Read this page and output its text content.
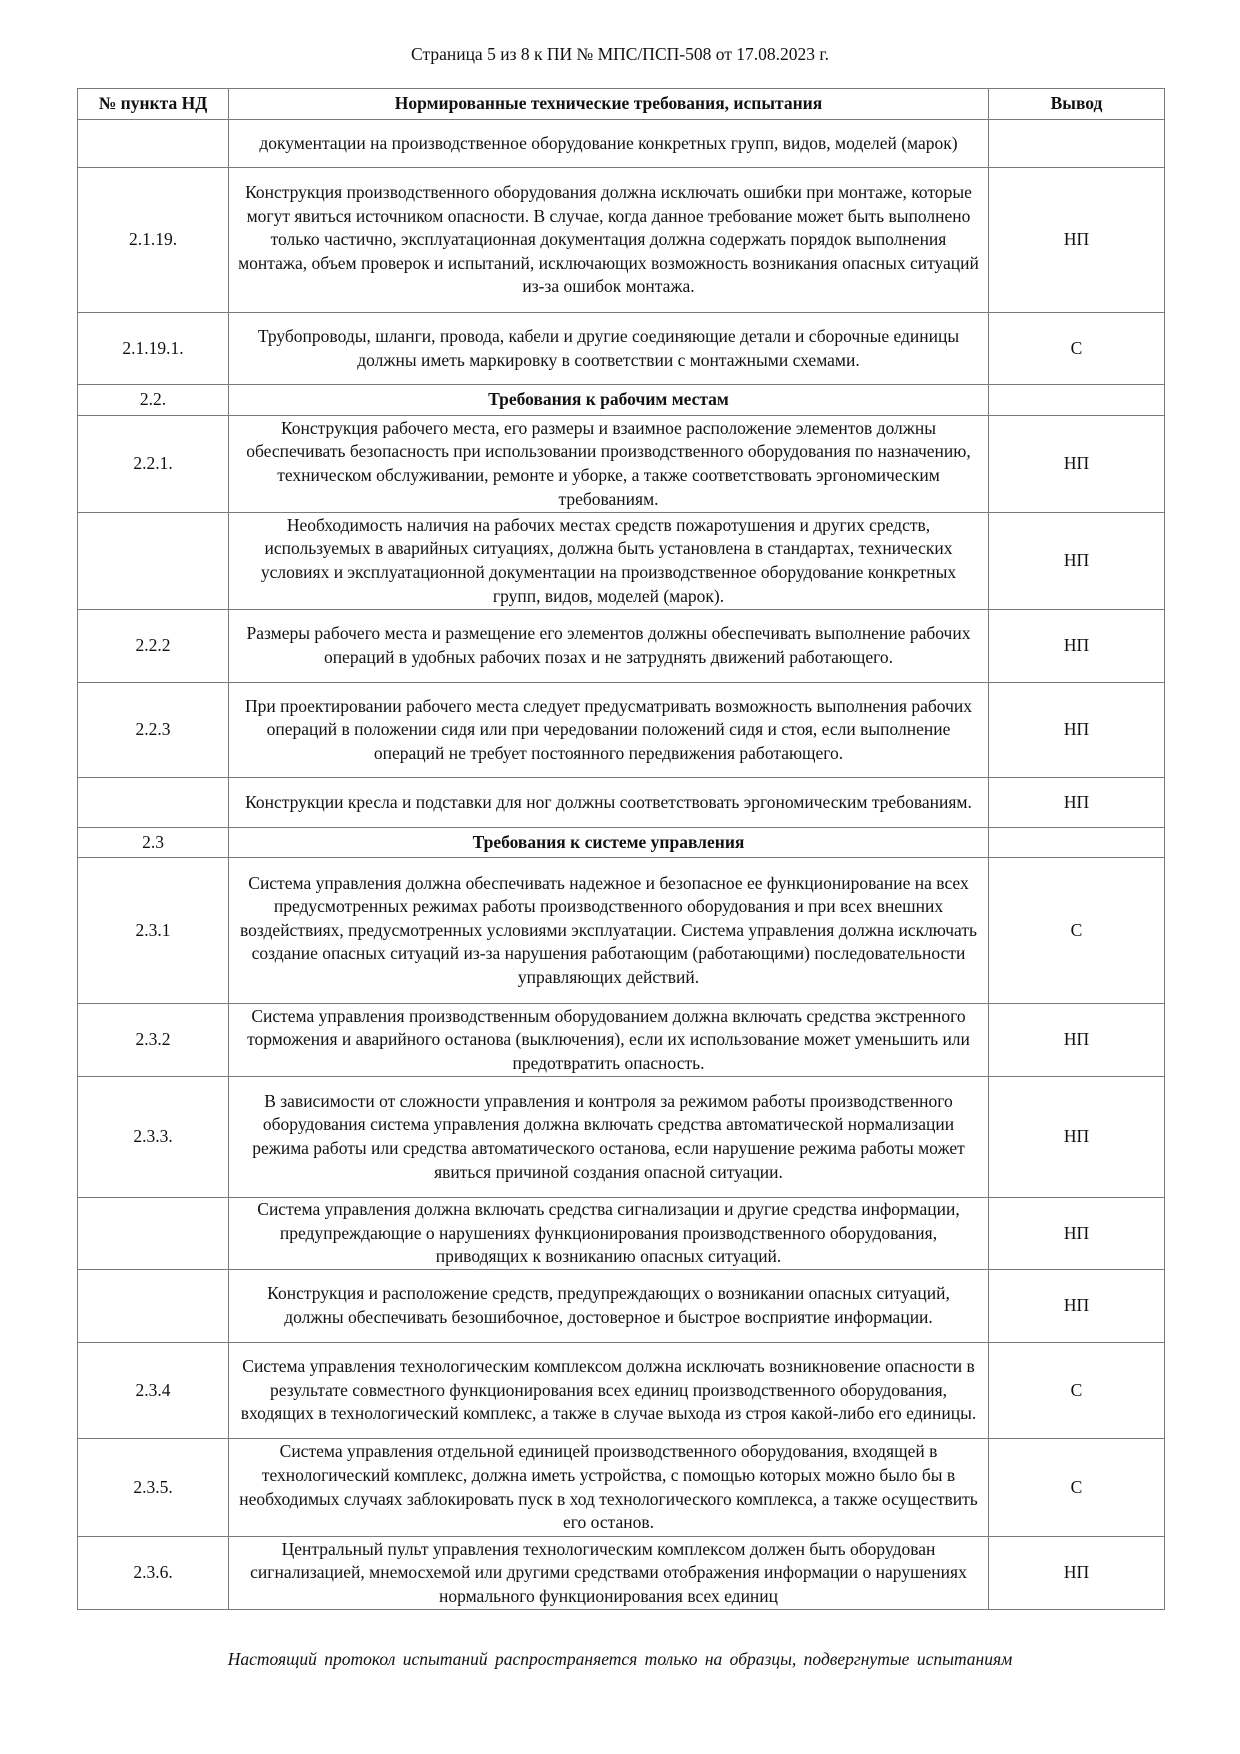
Страница 5 из 8 к ПИ № МПС/ПСП-508 от 17.08.2023 г.
№ пункта НД	Нормированные технические требования, испытания	Вывод
	документации на производственное оборудование конкретных групп, видов, моделей (марок)	
2.1.19.	Конструкция производственного оборудования должна исключать ошибки при монтаже, которые могут явиться источником опасности. В случае, когда данное требование может быть выполнено только частично, эксплуатационная документация должна содержать порядок выполнения монтажа, объем проверок и испытаний, исключающих возможность возникания опасных ситуаций из-за ошибок монтажа.	НП
2.1.19.1.	Трубопроводы, шланги, провода, кабели и другие соединяющие детали и сборочные единицы должны иметь маркировку в соответствии с монтажными схемами.	С
2.2.	Требования к рабочим местам	
2.2.1.	Конструкция рабочего места, его размеры и взаимное расположение элементов должны обеспечивать безопасность при использовании производственного оборудования по назначению, техническом обслуживании, ремонте и уборке, а также соответствовать эргономическим требованиям.	НП
	Необходимость наличия на рабочих местах средств пожаротушения и других средств, используемых в аварийных ситуациях, должна быть установлена в стандартах, технических условиях и эксплуатационной документации на производственное оборудование конкретных групп, видов, моделей (марок).	НП
2.2.2	Размеры рабочего места и размещение его элементов должны обеспечивать выполнение рабочих операций в удобных рабочих позах и не затруднять движений работающего.	НП
2.2.3	При проектировании рабочего места следует предусматривать возможность выполнения рабочих операций в положении сидя или при чередовании положений сидя и стоя, если выполнение операций не требует постоянного передвижения работающего.	НП
	Конструкции кресла и подставки для ног должны соответствовать эргономическим требованиям.	НП
2.3	Требования к системе управления	
2.3.1	Система управления должна обеспечивать надежное и безопасное ее функционирование на всех предусмотренных режимах работы производственного оборудования и при всех внешних воздействиях, предусмотренных условиями эксплуатации. Система управления должна исключать создание опасных ситуаций из-за нарушения работающим (работающими) последовательности управляющих действий.	С
2.3.2	Система управления производственным оборудованием должна включать средства экстренного торможения и аварийного останова (выключения), если их использование может уменьшить или предотвратить опасность.	НП
2.3.3.	В зависимости от сложности управления и контроля за режимом работы производственного оборудования система управления должна включать средства автоматической нормализации режима работы или средства автоматического останова, если нарушение режима работы может явиться причиной создания опасной ситуации.	НП
	Система управления должна включать средства сигнализации и другие средства информации, предупреждающие о нарушениях функционирования производственного оборудования, приводящих к возниканию опасных ситуаций.	НП
	Конструкция и расположение средств, предупреждающих о возникании опасных ситуаций, должны обеспечивать безошибочное, достоверное и быстрое восприятие информации.	НП
2.3.4	Система управления технологическим комплексом должна исключать возникновение опасности в результате совместного функционирования всех единиц производственного оборудования, входящих в технологический комплекс, а также в случае выхода из строя какой-либо его единицы.	С
2.3.5.	Система управления отдельной единицей производственного оборудования, входящей в технологический комплекс, должна иметь устройства, с помощью которых можно было бы в необходимых случаях заблокировать пуск в ход технологического комплекса, а также осуществить его останов.	С
2.3.6.	Центральный пульт управления технологическим комплексом должен быть оборудован сигнализацией, мнемосхемой или другими средствами отображения информации о нарушениях нормального функционирования всех единиц	НП
Настоящий протокол испытаний распространяется только на образцы, подвергнутые испытаниям
